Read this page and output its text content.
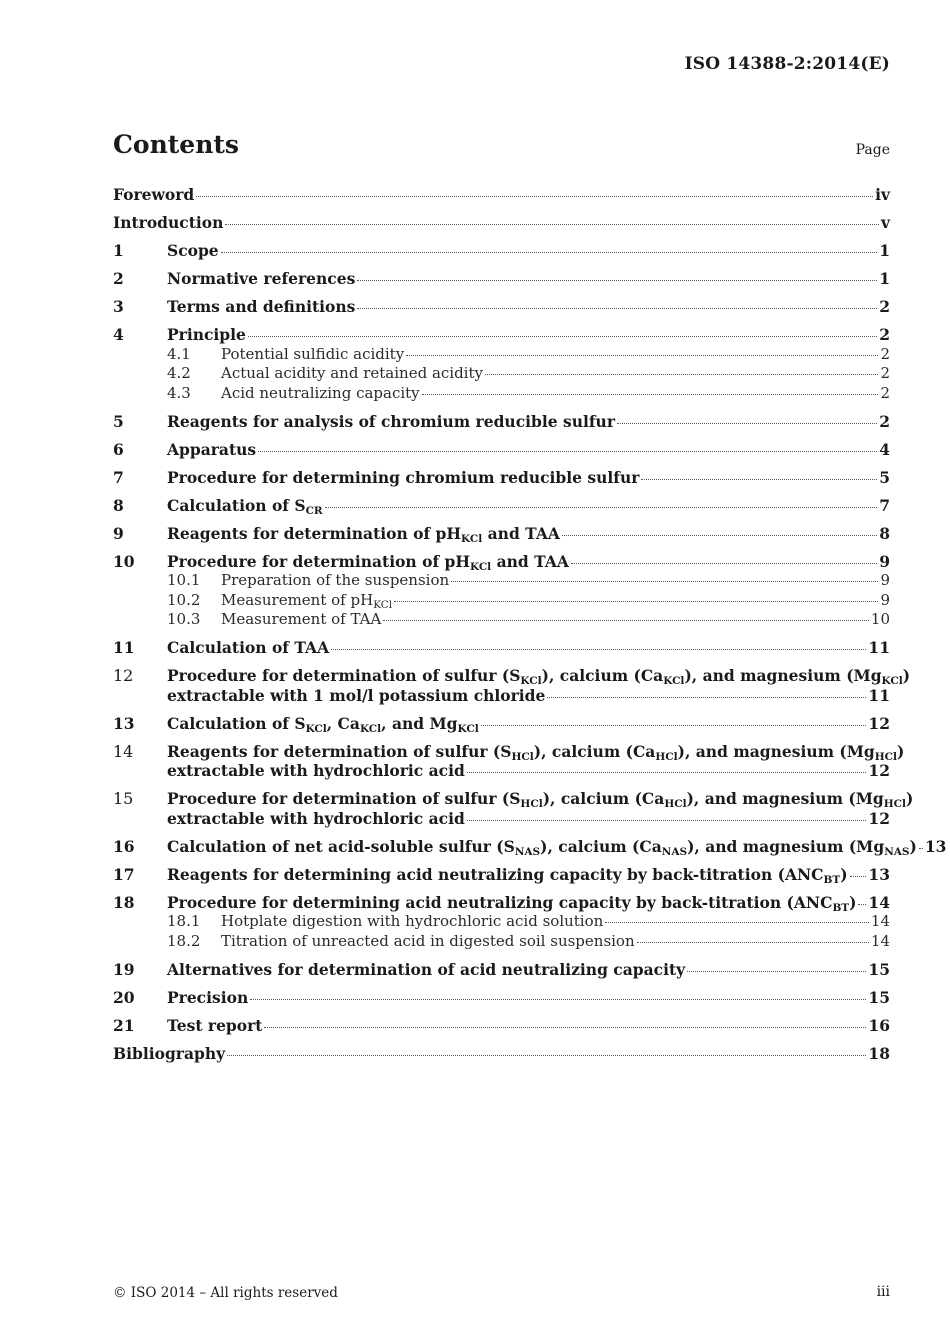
ISO 14388-2:2014(E)
Contents	Page
Foreword	iv
Introduction	v
1	Scope	1
2	Normative references	1
3	Terms and definitions	2
4	Principle	2
4.1	Potential sulfidic acidity	2
4.2	Actual acidity and retained acidity	2
4.3	Acid neutralizing capacity	2
5	Reagents for analysis of chromium reducible sulfur	2
6	Apparatus	4
7	Procedure for determining chromium reducible sulfur	5
8	Calculation of $S_{CR}$	7
9	Reagents for determination of $pH_{KCl}$ and TAA	8
10	Procedure for determination of $pH_{KCl}$ and TAA	9
10.1	Preparation of the suspension	9
10.2	Measurement of $pH_{KCl}$	9
10.3	Measurement of TAA	10
11	Calculation of TAA	11
12	Procedure for determination of sulfur $(S_{KCl})$, calcium $(Ca_{KCl})$, and magnesium $(Mg_{KCl})$
extractable with 1 mol/l potassium chloride	11
13	Calculation of $S_{KCl}$, $Ca_{KCl}$, and $Mg_{KCl}$	12
14	Reagents for determination of sulfur $(S_{HCl})$, calcium $(Ca_{HCl})$, and magnesium $(Mg_{HCl})$
extractable with hydrochloric acid	12
15	Procedure for determination of sulfur $(S_{HCl})$, calcium $(Ca_{HCl})$, and magnesium $(Mg_{HCl})$
extractable with hydrochloric acid	12
16	Calculation of net acid-soluble sulfur $(S_{NAS})$, calcium $(Ca_{NAS})$, and magnesium $(Mg_{NAS})$ 13
17	Reagents for determining acid neutralizing capacity by back-titration $(ANC_{BT})$ 13
18	Procedure for determining acid neutralizing capacity by back-titration $(ANC_{BT})$ 14
18.1	Hotplate digestion with hydrochloric acid solution	14
18.2	Titration of unreacted acid in digested soil suspension	14
19	Alternatives for determination of acid neutralizing capacity	15
20	Precision	15
21	Test report	16
Bibliography	18
© ISO 2014 – All rights reserved	iii
